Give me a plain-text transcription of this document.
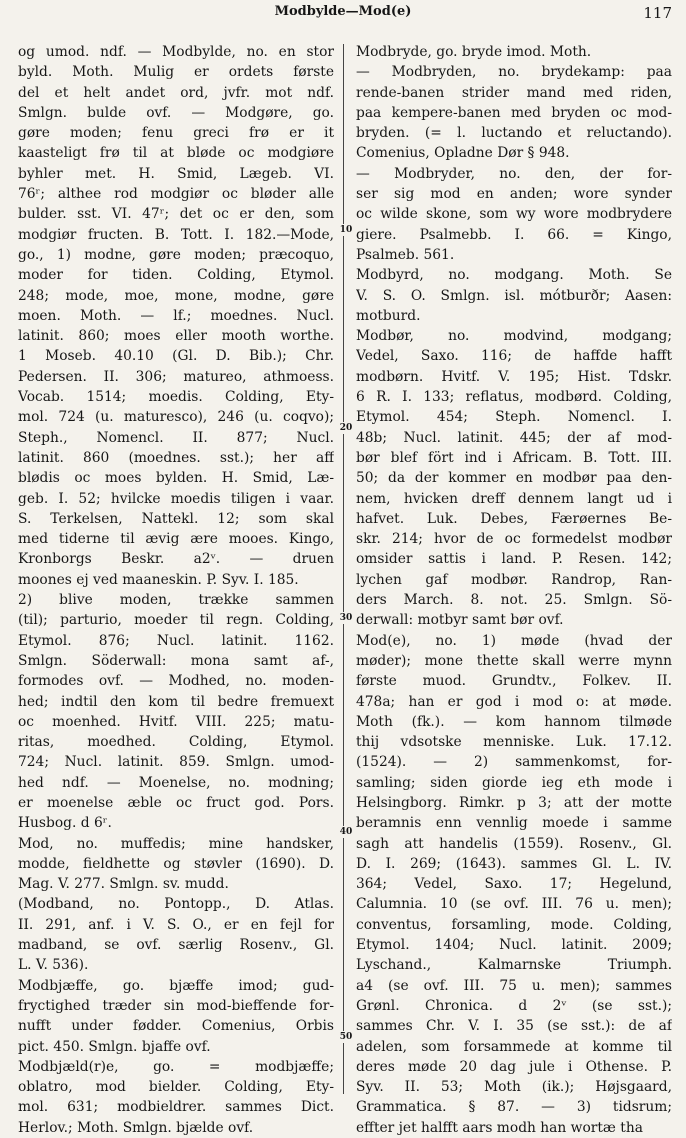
Modbylde—Mod(e)	117
og umod. ndf. — Modbylde, no. en stor
byld. Moth. Mulig er ordets første
del et helt andet ord, jvfr. mot ndf.
Smlgn. bulde ovf. — Modgøre, go.
gøre moden; fenu greci frø er it
kaasteligt frø til at bløde oc modgiøre
byhler met. H. Smid, Lægeb. VI.
76ʳ; althee rod modgiør oc bløder alle
bulder. sst. VI. 47ʳ; det oc er den, som
modgiør fructen. B. Tott. I. 182.—Mode,
go., 1) modne, gøre moden; præcoquo,
moder for tiden. Colding, Etymol.
248; mode, moe, mone, modne, gøre
moen. Moth. — lf.; moednes. Nucl.
latinit. 860; moes eller mooth worthe.
1 Moseb. 40.10 (Gl. D. Bib.); Chr.
Pedersen. II. 306; matureo, athmoess.
Vocab. 1514; moedis. Colding, Ety-
mol. 724 (u. maturesco), 246 (u. coqvo);
Steph., Nomencl. II. 877; Nucl.
latinit. 860 (moednes. sst.); her aff
blødis oc moes bylden. H. Smid, Læ-
geb. I. 52; hvilcke moedis tiligen i vaar.
S. Terkelsen, Nattekl. 12; som skal
med tiderne til ævig ære mooes. Kingo,
Kronborgs Beskr. a2ᵛ. — druen
moones ej ved maaneskin. P. Syv. I. 185.
2) blive moden, trække sammen
(til); parturio, moeder til regn. Colding,
Etymol. 876; Nucl. latinit. 1162.
Smlgn. Söderwall: mona samt af-,
formodes ovf. — Modhed, no. moden-
hed; indtil den kom til bedre fremuext
oc moenhed. Hvitf. VIII. 225; matu-
ritas, moedhed. Colding, Etymol.
724; Nucl. latinit. 859. Smlgn. umod-
hed ndf. — Moenelse, no. modning;
er moenelse æble oc fruct god. Pors.
Husbog. d 6ʳ.
Mod, no. muffedis; mine handsker,
modde, fieldhette og støvler (1690). D.
Mag. V. 277. Smlgn. sv. mudd.
(Modband, no. Pontopp., D. Atlas.
II. 291, anf. i V. S. O., er en fejl for
madband, se ovf. særlig Rosenv., Gl.
L. V. 536).
Modbjæffe, go. bjæffe imod; gud-
fryctighed træder sin mod-bieffende for-
nufft under fødder. Comenius, Orbis
pict. 450. Smlgn. bjaffe ovf.
Modbjæld(r)e, go. = modbjæffe;
oblatro, mod bielder. Colding, Ety-
mol. 631; modbieldrer. sammes Dict.
Herlov.; Moth. Smlgn. bjælde ovf.
Modbryde, go. bryde imod. Moth.
— Modbryden, no. brydekamp: paa
rende-banen strider mand med riden,
paa kempere-banen med bryden oc mod-
bryden. (= l. luctando et reluctando).
Comenius, Opladne Dør § 948.
— Modbryder, no. den, der for-
ser sig mod en anden; wore synder
oc wilde skone, som wy wore modbrydere
giere. Psalmebb. I. 66. = Kingo,
Psalmeb. 561.
Modbyrd, no. modgang. Moth. Se
V. S. O. Smlgn. isl. mótburðr; Aasen:
motburd.
Modbør, no. modvind, modgang;
Vedel, Saxo. 116; de haffde hafft
modbørn. Hvitf. V. 195; Hist. Tdskr.
6 R. I. 133; reflatus, modbørd. Colding,
Etymol. 454; Steph. Nomencl. I.
48b; Nucl. latinit. 445; der af mod-
bør blef fört ind i Africam. B. Tott. III.
50; da der kommer en modbør paa den-
nem, hvicken dreff dennem langt ud i
hafvet. Luk. Debes, Færøernes Be-
skr. 214; hvor de oc formedelst modbør
omsider sattis i land. P. Resen. 142;
lychen gaf modbør. Randrop, Ran-
ders March. 8. not. 25. Smlgn. Sö-
derwall: motbyr samt bør ovf.
Mod(e), no. 1) møde (hvad der
møder); mone thette skall werre mynn
første muod. Grundtv., Folkev. II.
478a; han er god i mod o: at møde.
Moth (fk.). — kom hannom tilmøde
thij vdsotske menniske. Luk. 17.12.
(1524). — 2) sammenkomst, for-
samling; siden giorde ieg eth mode i
Helsingborg. Rimkr. p 3; att der motte
beramnis enn vennlig moede i samme
sagh att handelis (1559). Rosenv., Gl.
D. I. 269; (1643). sammes Gl. L. IV.
364; Vedel, Saxo. 17; Hegelund,
Calumnia. 10 (se ovf. III. 76 u. men);
conventus, forsamling, mode. Colding,
Etymol. 1404; Nucl. latinit. 2009;
Lyschand., Kalmarnske Triumph.
a4 (se ovf. III. 75 u. men); sammes
Grønl. Chronica. d 2ᵛ (se sst.);
sammes Chr. V. I. 35 (se sst.): de af
adelen, som forsammede at komme til
deres møde 20 dag jule i Othense. P.
Syv. II. 53; Moth (ik.); Højsgaard,
Grammatica. § 87. — 3) tidsrum;
effter jet halfft aars modh han wortæ tha
10
20
30
40
50
